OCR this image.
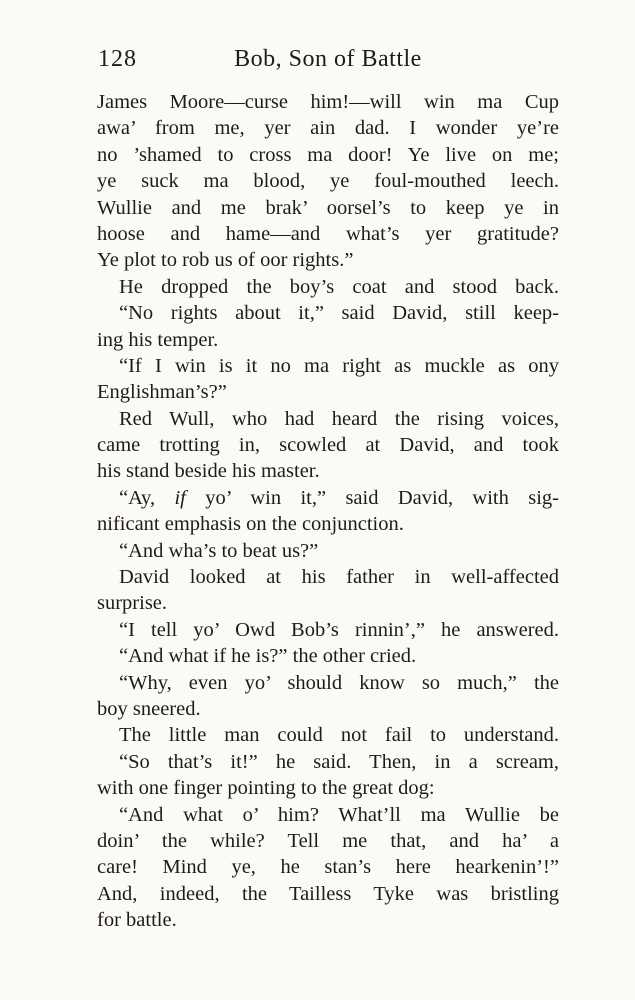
128	Bob, Son of Battle
James Moore—curse him!—will win ma Cup
awa’ from me, yer ain dad. I wonder ye’re
no ’shamed to cross ma door! Ye live on me;
ye suck ma blood, ye foul-mouthed leech.
Wullie and me brak’ oorsel’s to keep ye in
hoose and hame—and what’s yer gratitude?
Ye plot to rob us of oor rights.”
He dropped the boy’s coat and stood back.
“No rights about it,” said David, still keep-
ing his temper.
“If I win is it no ma right as muckle as ony
Englishman’s?”
Red Wull, who had heard the rising voices,
came trotting in, scowled at David, and took
his stand beside his master.
“Ay, if yo’ win it,” said David, with sig-
nificant emphasis on the conjunction.
“And wha’s to beat us?”
David looked at his father in well-affected
surprise.
“I tell yo’ Owd Bob’s rinnin’,” he answered.
“And what if he is?” the other cried.
“Why, even yo’ should know so much,” the
boy sneered.
The little man could not fail to understand.
“So that’s it!” he said. Then, in a scream,
with one finger pointing to the great dog:
“And what o’ him? What’ll ma Wullie be
doin’ the while? Tell me that, and ha’ a
care! Mind ye, he stan’s here hearkenin’!”
And, indeed, the Tailless Tyke was bristling
for battle.
